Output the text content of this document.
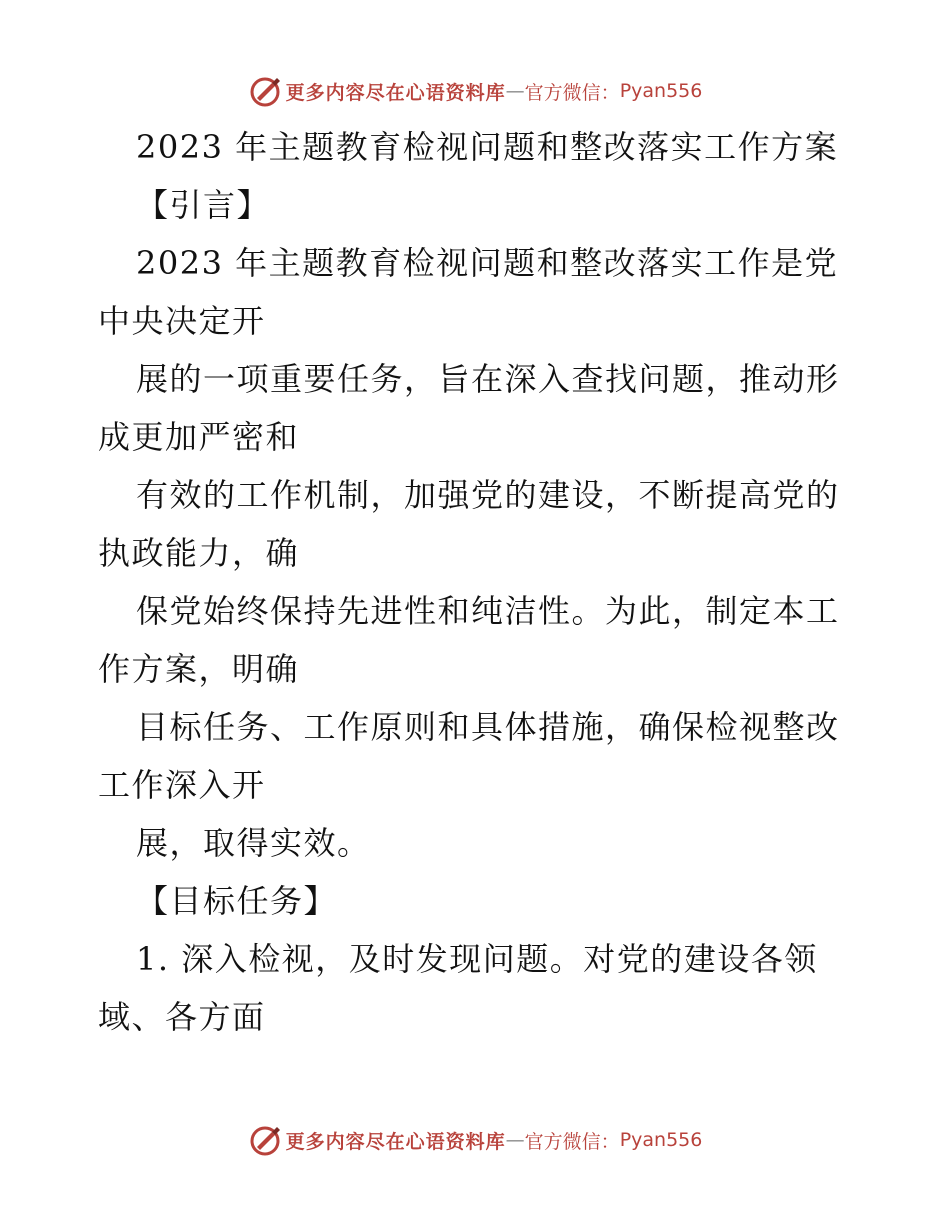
更多内容尽在心语资料库 — 官方微信： Pyan556
2023 年主题教育检视问题和整改落实工作方案
【引言】
2023 年主题教育检视问题和整改落实工作是党
中央决定开
展的一项重要任务，旨在深入查找问题，推动形
成更加严密和
有效的工作机制，加强党的建设，不断提高党的
执政能力，确
保党始终保持先进性和纯洁性。为此，制定本工
作方案，明确
目标任务、工作原则和具体措施，确保检视整改
工作深入开
展，取得实效。
【目标任务】
1. 深入检视，及时发现问题。对党的建设各领
域、各方面
更多内容尽在心语资料库 — 官方微信： Pyan556
